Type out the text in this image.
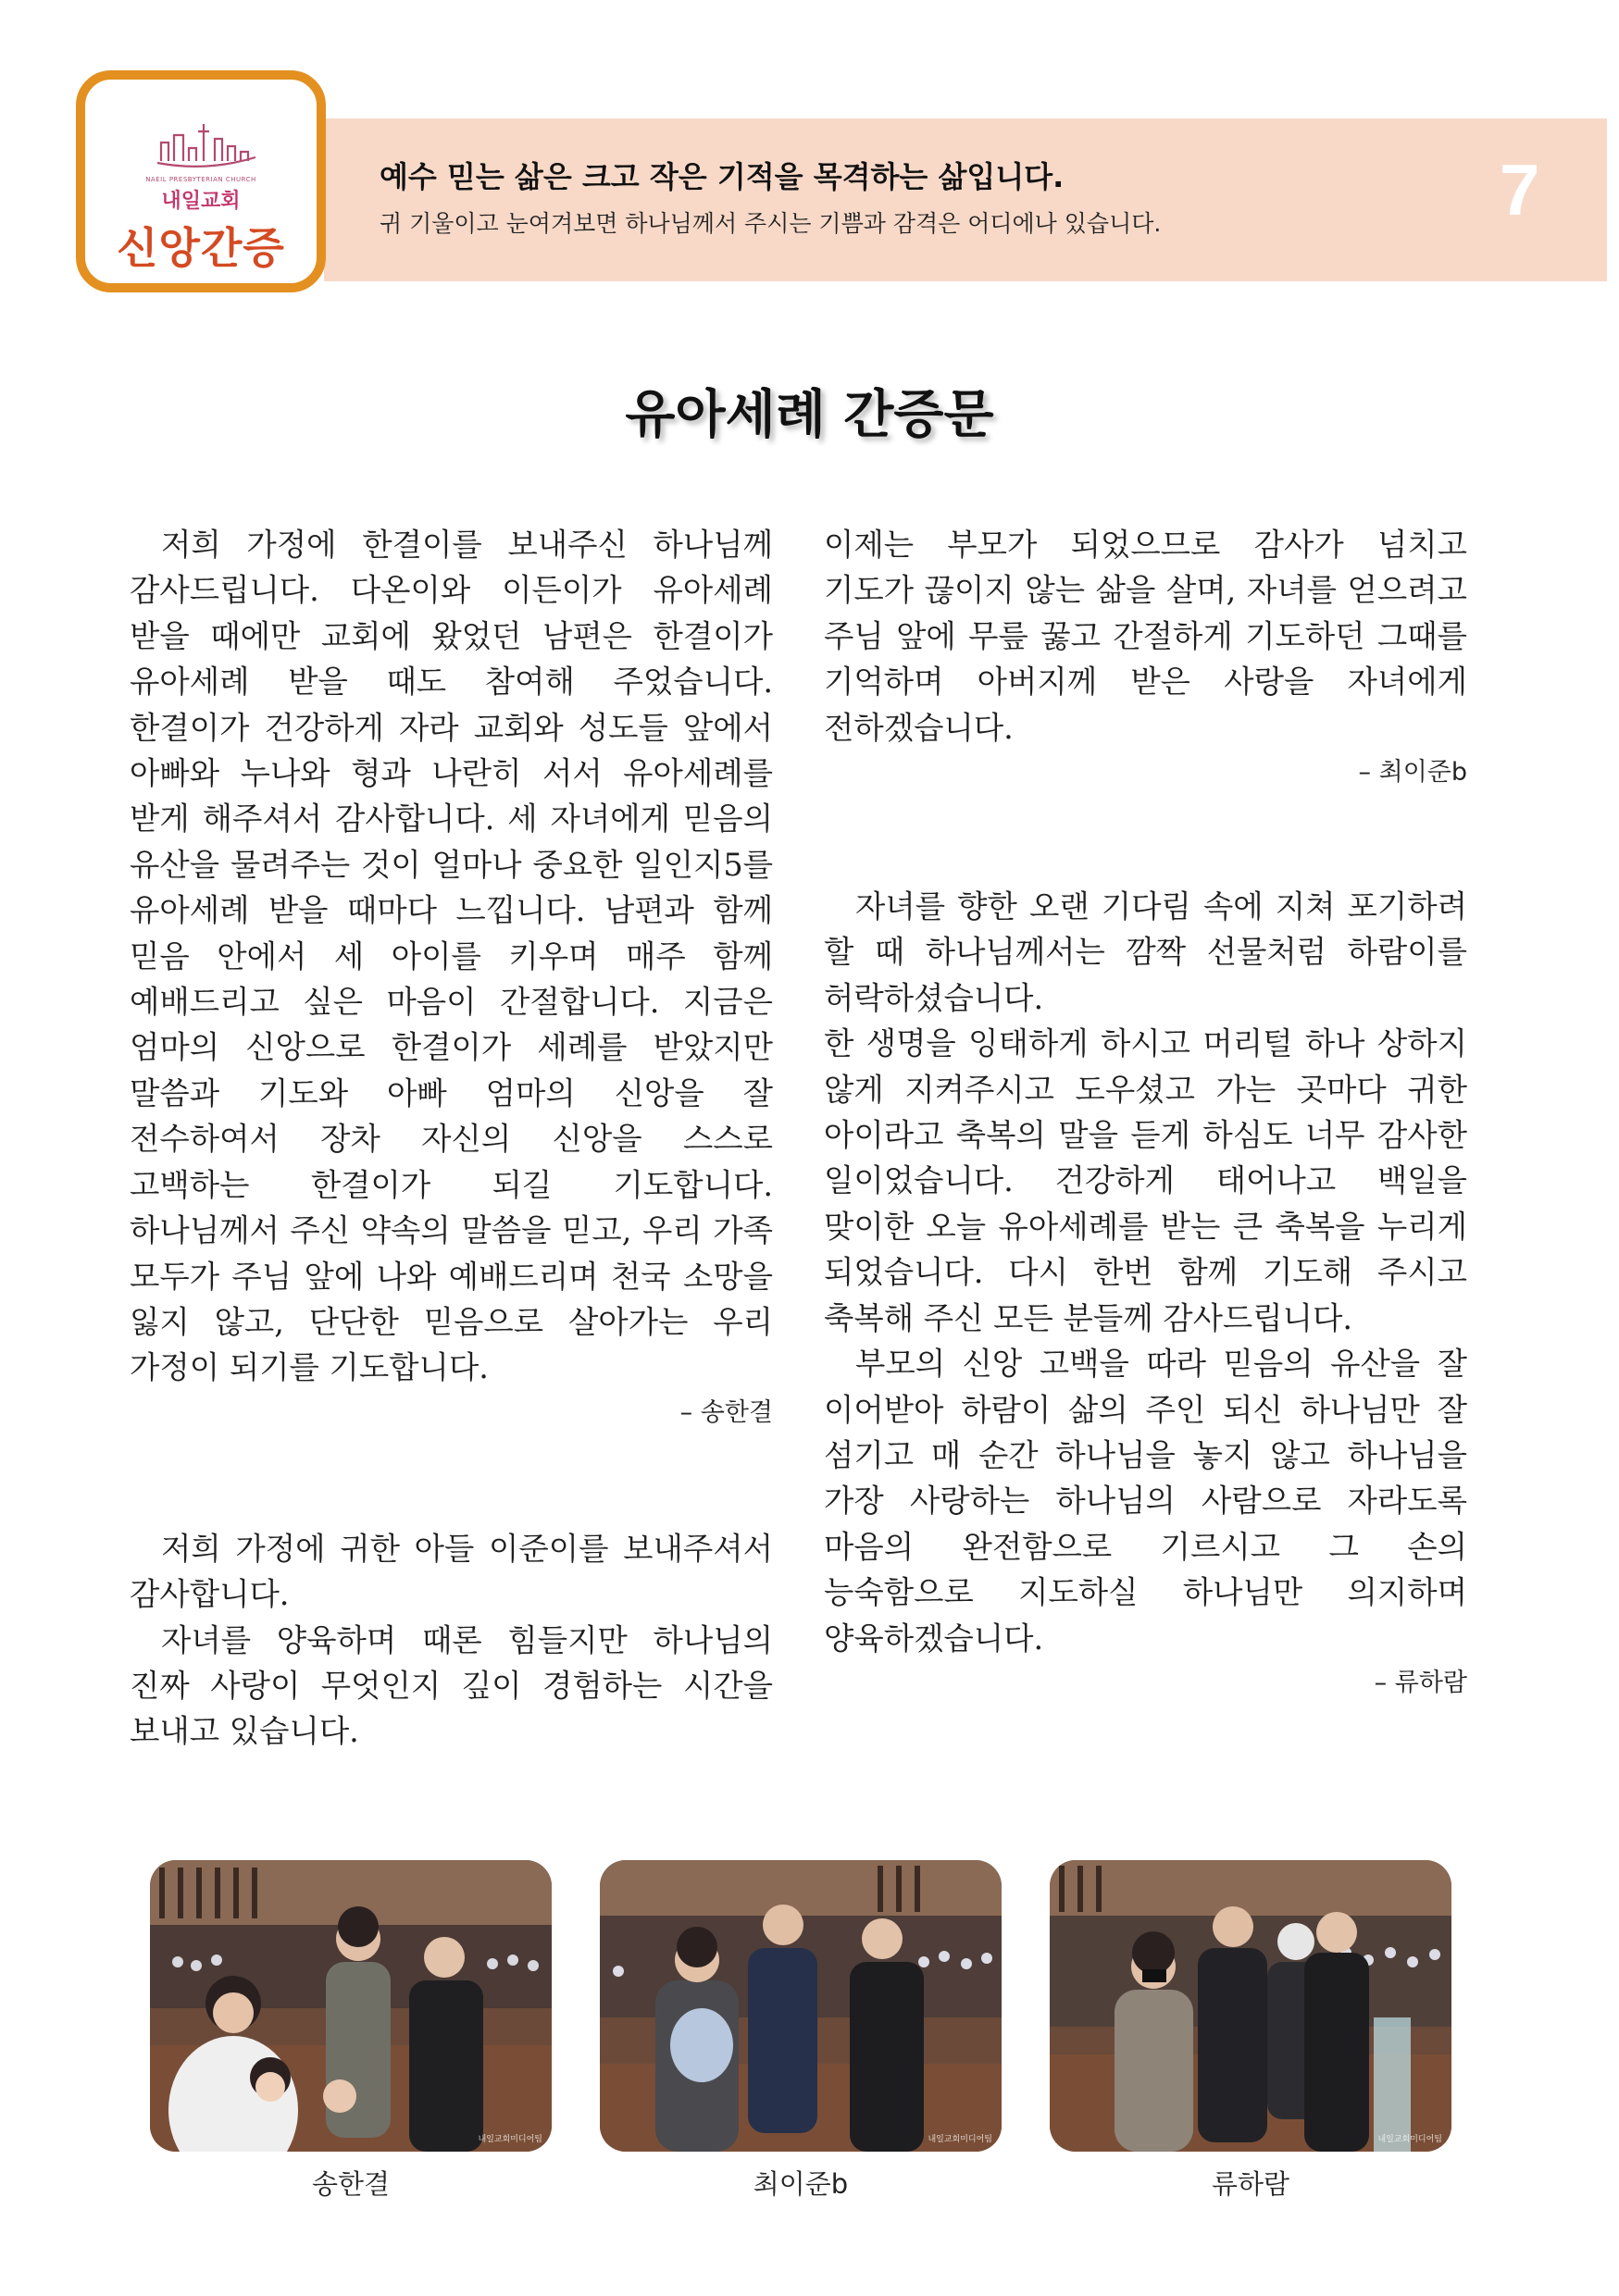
NAEIL PRESBYTERIAN CHURCH
내일교회
신앙간증
예수 믿는 삶은 크고 작은 기적을 목격하는 삶입니다.
귀 기울이고 눈여겨보면 하나님께서 주시는 기쁨과 감격은 어디에나 있습니다.	7
유아세례 간증문

저희 가정에 한결이를 보내주신 하나님께 감사드립니다. 다온이와 이든이가 유아세례 받을 때에만 교회에 왔었던 남편은 한결이가 유아세례 받을 때도 참여해 주었습니다. 한결이가 건강하게 자라 교회와 성도들 앞에서 아빠와 누나와 형과 나란히 서서 유아세례를 받게 해주셔서 감사합니다. 세 자녀에게 믿음의 유산을 물려주는 것이 얼마나 중요한 일인지5를 유아세례 받을 때마다 느낍니다. 남편과 함께 믿음 안에서 세 아이를 키우며 매주 함께 예배드리고 싶은 마음이 간절합니다. 지금은 엄마의 신앙으로 한결이가 세례를 받았지만 말씀과 기도와 아빠 엄마의 신앙을 잘 전수하여서 장차 자신의 신앙을 스스로 고백하는 한결이가 되길 기도합니다. 하나님께서 주신 약속의 말씀을 믿고, 우리 가족 모두가 주님 앞에 나와 예배드리며 천국 소망을 잃지 않고, 단단한 믿음으로 살아가는 우리 가정이 되기를 기도합니다.

– 송한결

저희 가정에 귀한 아들 이준이를 보내주셔서 감사합니다.

자녀를 양육하며 때론 힘들지만 하나님의 진짜 사랑이 무엇인지 깊이 경험하는 시간을 보내고 있습니다.

이제는 부모가 되었으므로 감사가 넘치고 기도가 끊이지 않는 삶을 살며, 자녀를 얻으려고 주님 앞에 무릎 꿇고 간절하게 기도하던 그때를 기억하며 아버지께 받은 사랑을 자녀에게 전하겠습니다.

– 최이준b

자녀를 향한 오랜 기다림 속에 지쳐 포기하려 할 때 하나님께서는 깜짝 선물처럼 하람이를 허락하셨습니다.

한 생명을 잉태하게 하시고 머리털 하나 상하지 않게 지켜주시고 도우셨고 가는 곳마다 귀한 아이라고 축복의 말을 듣게 하심도 너무 감사한 일이었습니다. 건강하게 태어나고 백일을 맞이한 오늘 유아세례를 받는 큰 축복을 누리게 되었습니다. 다시 한번 함께 기도해 주시고 축복해 주신 모든 분들께 감사드립니다.

부모의 신앙 고백을 따라 믿음의 유산을 잘 이어받아 하람이 삶의 주인 되신 하나님만 잘 섬기고 매 순간 하나님을 놓지 않고 하나님을 가장 사랑하는 하나님의 사람으로 자라도록 마음의 완전함으로 기르시고 그 손의 능숙함으로 지도하실 하나님만 의지하며 양육하겠습니다.

– 류하람

내일교회미디어팀
송한결
내일교회미디어팀
최이준b
내일교회미디어팀
류하람
